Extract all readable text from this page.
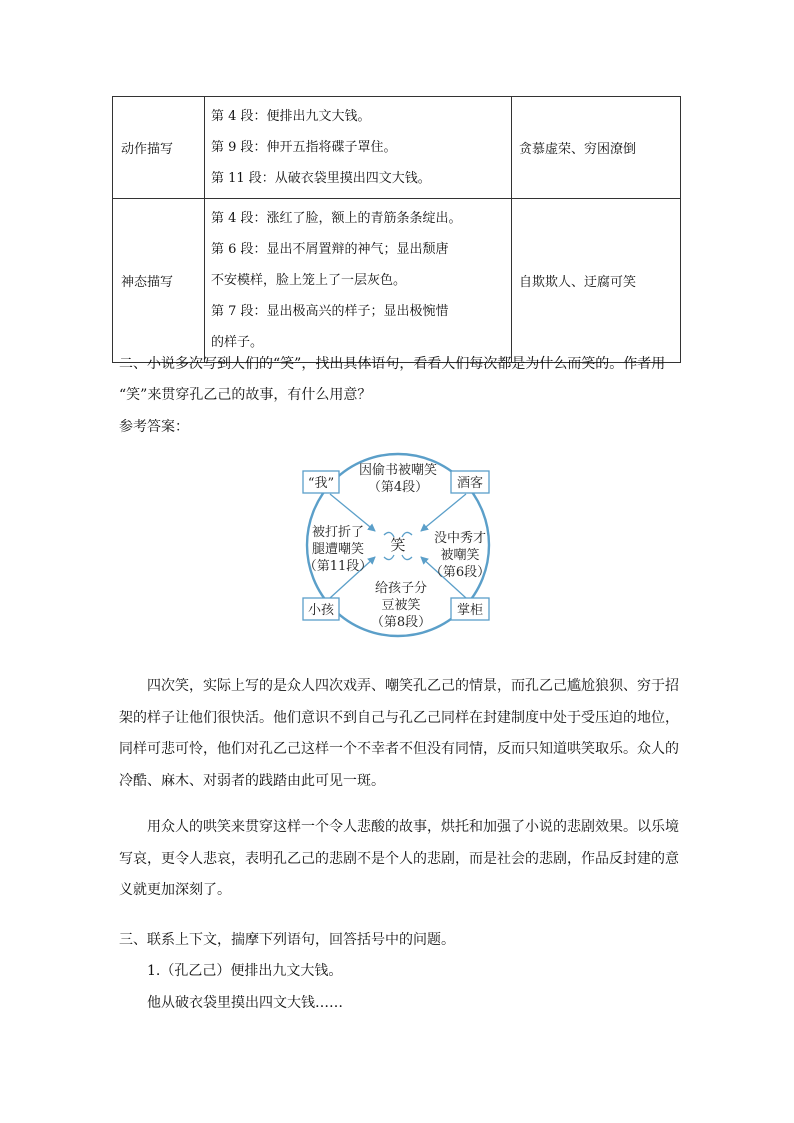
动作描写	第 4 段：便排出九文大钱。
第 9 段：伸开五指将碟子罩住。
第 11 段：从破衣袋里摸出四文大钱。	贪慕虚荣、穷困潦倒
神态描写	第 4 段：涨红了脸，额上的青筋条条绽出。
第 6 段：显出不屑置辩的神气；显出颓唐
不安模样，脸上笼上了一层灰色。
第 7 段：显出极高兴的样子；显出极惋惜
的样子。	自欺欺人、迂腐可笑
二、小说多次写到人们的“笑”，找出具体语句，看看人们每次都是为什么而笑的。作者用
“笑”来贯穿孔乙己的故事，有什么用意？
参考答案：
笑
“我”	酒客
小孩	掌柜
因偷书被嘲笑
（第4段）
被打折了
腿遭嘲笑
（第11段）
没中秀才
被嘲笑
（第6段）
给孩子分
豆被笑
（第8段）
四次笑，实际上写的是众人四次戏弄、嘲笑孔乙己的情景，而孔乙己尴尬狼狈、穷于招架的样子让他们很快活。他们意识不到自己与孔乙己同样在封建制度中处于受压迫的地位，同样可悲可怜，他们对孔乙己这样一个不幸者不但没有同情，反而只知道哄笑取乐。众人的冷酷、麻木、对弱者的践踏由此可见一斑。
用众人的哄笑来贯穿这样一个令人悲酸的故事，烘托和加强了小说的悲剧效果。以乐境写哀，更令人悲哀，表明孔乙己的悲剧不是个人的悲剧，而是社会的悲剧，作品反封建的意义就更加深刻了。
三、联系上下文，揣摩下列语句，回答括号中的问题。
1.（孔乙己）便排出九文大钱。
他从破衣袋里摸出四文大钱……
